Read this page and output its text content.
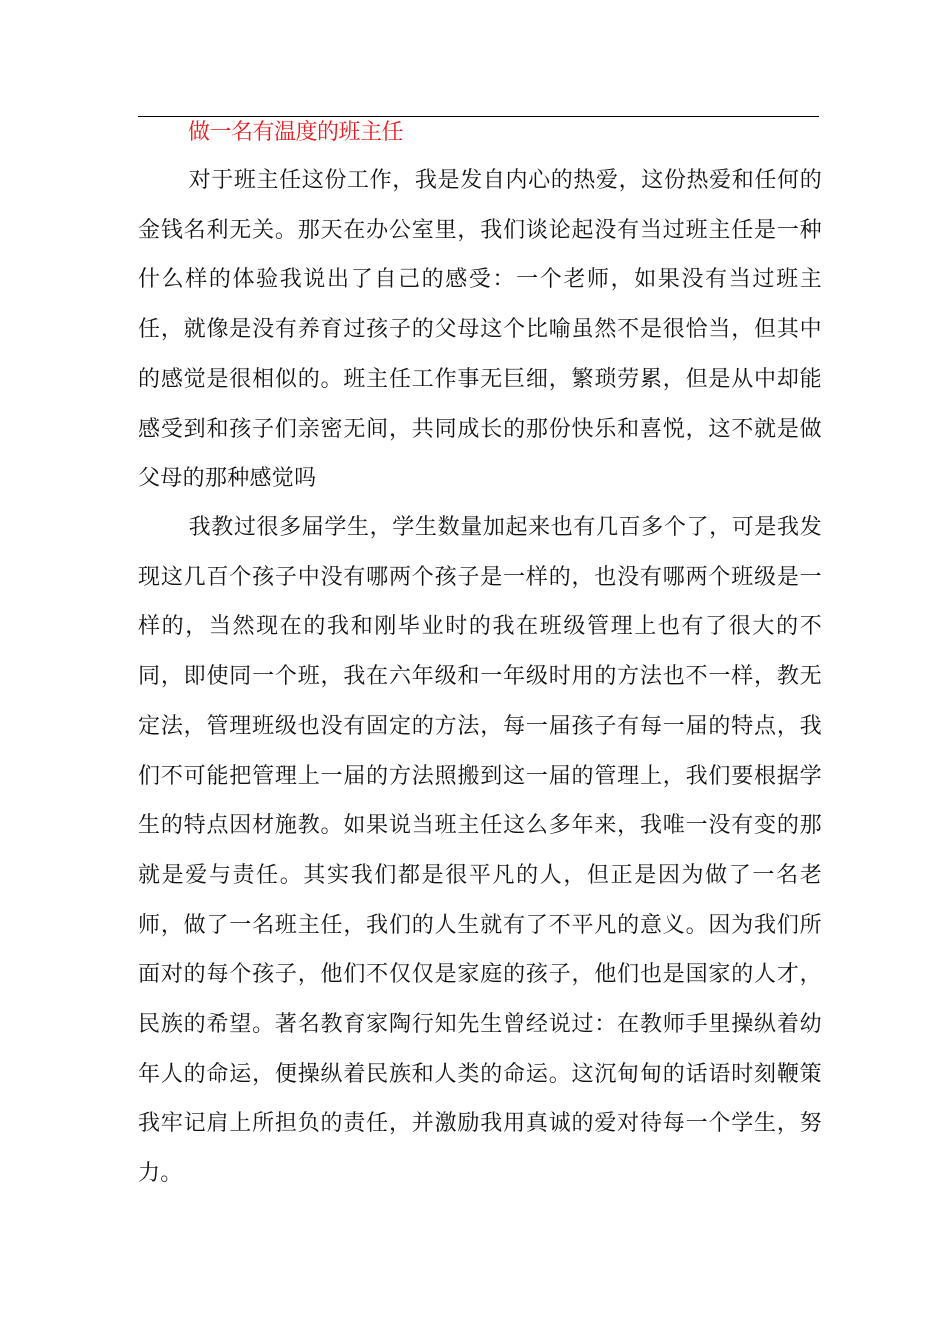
做一名有温度的班主任

对于班主任这份工作，我是发自内心的热爱，这份热爱和任何的金钱名利无关。那天在办公室里，我们谈论起没有当过班主任是一种什么样的体验我说出了自己的感受：一个老师，如果没有当过班主任，就像是没有养育过孩子的父母这个比喻虽然不是很恰当，但其中的感觉是很相似的。班主任工作事无巨细，繁琐劳累，但是从中却能感受到和孩子们亲密无间，共同成长的那份快乐和喜悦，这不就是做父母的那种感觉吗

我教过很多届学生，学生数量加起来也有几百多个了，可是我发现这几百个孩子中没有哪两个孩子是一样的，也没有哪两个班级是一样的，当然现在的我和刚毕业时的我在班级管理上也有了很大的不同，即使同一个班，我在六年级和一年级时用的方法也不一样，教无定法，管理班级也没有固定的方法，每一届孩子有每一届的特点，我们不可能把管理上一届的方法照搬到这一届的管理上，我们要根据学生的特点因材施教。如果说当班主任这么多年来，我唯一没有变的那就是爱与责任。其实我们都是很平凡的人，但正是因为做了一名老师，做了一名班主任，我们的人生就有了不平凡的意义。因为我们所面对的每个孩子，他们不仅仅是家庭的孩子，他们也是国家的人才，民族的希望。著名教育家陶行知先生曾经说过：在教师手里操纵着幼年人的命运，便操纵着民族和人类的命运。这沉甸甸的话语时刻鞭策我牢记肩上所担负的责任，并激励我用真诚的爱对待每一个学生，努力。
